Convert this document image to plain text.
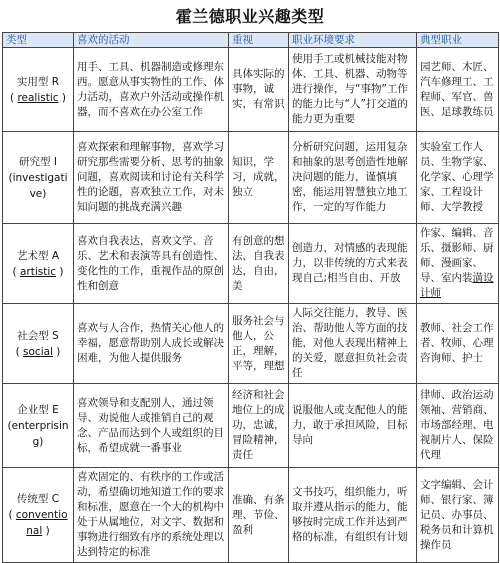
霍兰德职业兴趣类型
类型	喜欢的活动	重视	职业环境要求	典型职业

实用型 R
( realistic )	用手、工具、机器制造或修理东西。愿意从事实物性的工作、体力活动，喜欢户外活动或操作机器，而不喜欢在办公室工作	具体实际的事物，诚实，有常识	使用手工或机械技能对物体、工具、机器、动物等进行操作，与“事物”工作的能力比与“人”打交道的能力更为重要	园艺师、木匠、汽车修理工、工程师、军官、兽医、足球教练员

研究型 I
(investigative)	喜欢探索和理解事物，喜欢学习研究那些需要分析、思考的抽象问题，喜欢阅读和讨论有关科学性的论题，喜欢独立工作，对未知问题的挑战充满兴趣	知识，学习，成就，独立	分析研究问题，运用复杂和抽象的思考创造性地解决问题的能力，谨慎填密，能运用智慧独立地工作，一定的写作能力	实验室工作人员、生物学家、化学家、心理学家、工程设计师、大学教授

艺术型 A
( artistic )	喜欢自我表达，喜欢文学、音乐、艺术和表演等具有创造性、变化性的工作，重视作品的原创性和创意	有创意的想法，自我表达，自由，美	创造力，对情感的表现能力，以非传统的方式来表现自己;相当自由、开放	作家、编辑、音乐、摄影师、厨师、漫画家、导、室内装潢设计师

社会型 S
( social )	喜欢与人合作，热情关心他人的幸福，愿意帮助别人成长或解决困难，为他人提供服务	服务社会与他人，公正，理解，平等，理想	人际交往能力，教导、医治、帮助他人等方面的技能，对他人表现出精神上的关爱，愿意担负社会责任	教师、社会工作者、牧师、心理咨询师、护士

企业型 E
(enterprising)	喜欢领导和支配别人，通过领导、劝说他人或推销自己的观念、产品而达到个人或组织的目标，希望成就一番事业	经济和社会地位上的成功，忠诚，冒险精神，责任	说服他人或支配他人的能力，敢于承担风险，目标导向	律师、政治运动领袖、营销商、市场部经理、电视制片人、保险代理

传统型 C
( conventional )	喜欢固定的、有秩序的工作或活动，希望确切地知道工作的要求和标准，愿意在一个大的机构中处于从属地位，对文字、数据和事物进行细致有序的系统处理以达到特定的标准	准确、有条理、节俭、盈利	文书技巧，组织能力，听取并遵从指示的能力，能够按时完成工作并达到严格的标准，有组织有计划	文字编辑、会计师、银行家、簿记员、办事员、税务员和计算机操作员
